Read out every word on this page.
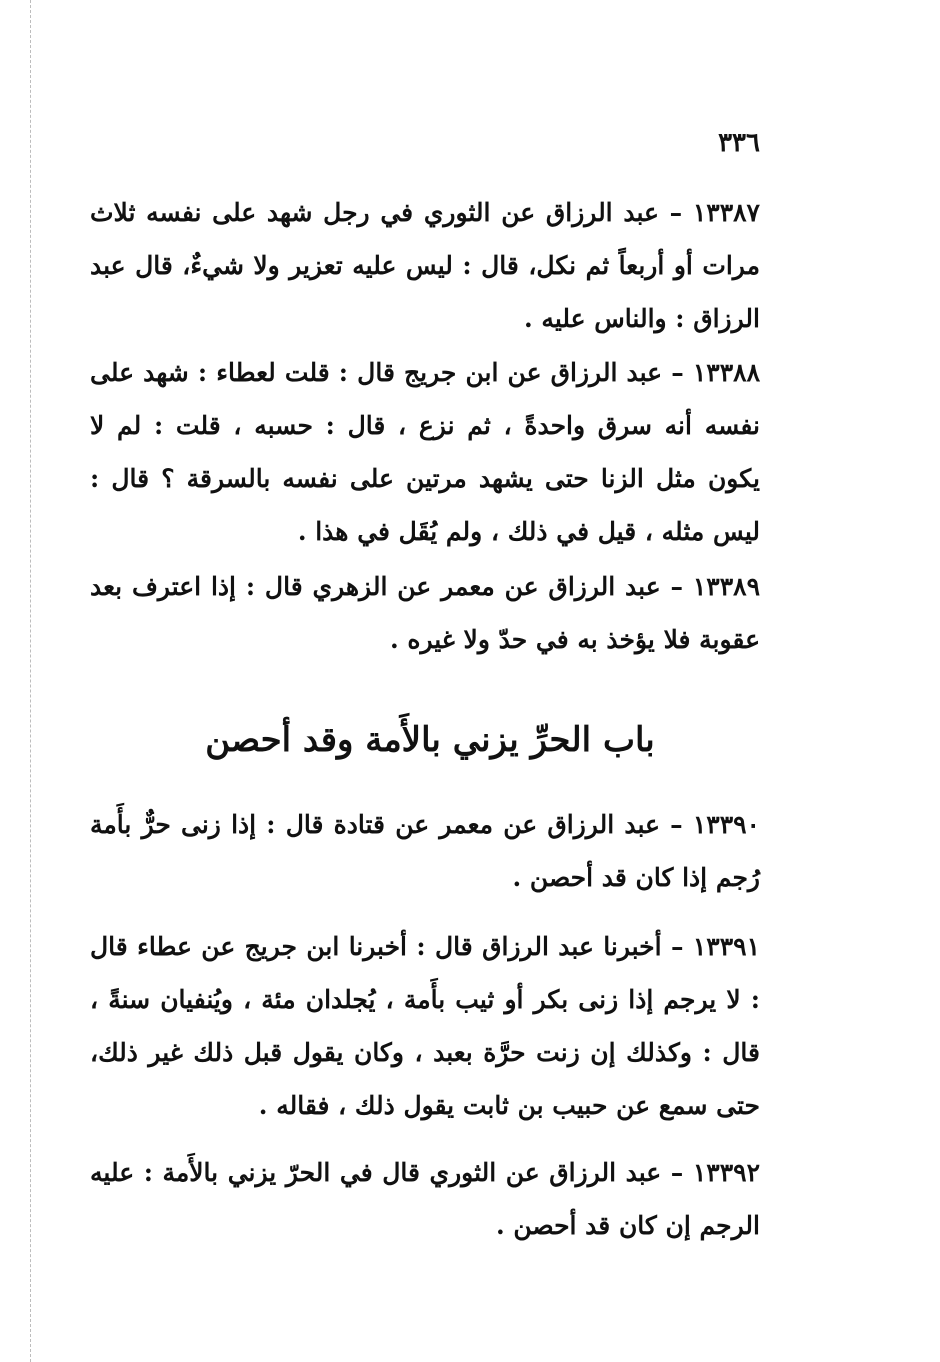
٣٣٦

١٣٣٨٧ – عبد الرزاق عن الثوري في رجل شهد على نفسه ثلاث مرات أو أربعاً ثم نكل، قال : ليس عليه تعزير ولا شيءٌ، قال عبد الرزاق : والناس عليه .

١٣٣٨٨ – عبد الرزاق عن ابن جريج قال : قلت لعطاء : شهد على نفسه أنه سرق واحدةً ، ثم نزع ، قال : حسبه ، قلت : لم لا يكون مثل الزنا حتى يشهد مرتين على نفسه بالسرقة ؟ قال : ليس مثله ، قيل في ذلك ، ولم يُقَل في هذا .

١٣٣٨٩ – عبد الرزاق عن معمر عن الزهري قال : إذا اعترف بعد عقوبة فلا يؤخذ به في حدّ ولا غيره .

باب الحرِّ يزني بالأَمة وقد أحصن

١٣٣٩٠ – عبد الرزاق عن معمر عن قتادة قال : إذا زنى حرٌّ بأَمة رُجم إذا كان قد أحصن .

١٣٣٩١ – أخبرنا عبد الرزاق قال : أخبرنا ابن جريج عن عطاء قال : لا يرجم إذا زنى بكر أو ثيب بأَمة ، يُجلدان مئة ، ويُنفيان سنةً ، قال : وكذلك إن زنت حرَّة بعبد ، وكان يقول قبل ذلك غير ذلك، حتى سمع عن حبيب بن ثابت يقول ذلك ، فقاله .

١٣٣٩٢ – عبد الرزاق عن الثوري قال في الحرّ يزني بالأَمة : عليه الرجم إن كان قد أحصن .
